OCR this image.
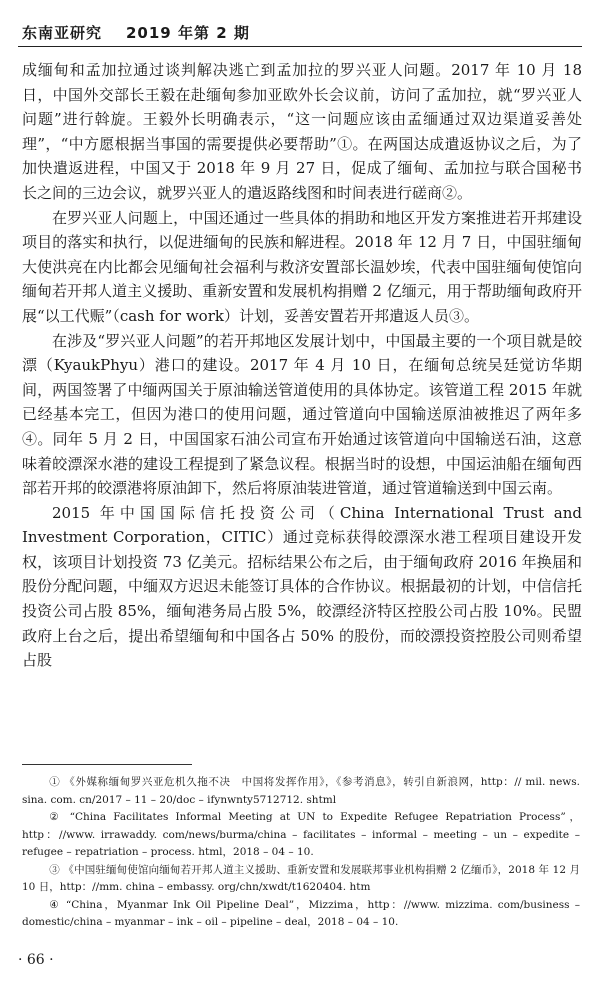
东南亚研究 2019 年第 2 期

成缅甸和孟加拉通过谈判解决逃亡到孟加拉的罗兴亚人问题。2017 年 10 月 18 日，中国外交部长王毅在赴缅甸参加亚欧外长会议前，访问了孟加拉，就“罗兴亚人问题”进行斡旋。王毅外长明确表示，“这一问题应该由孟缅通过双边渠道妥善处理”，“中方愿根据当事国的需要提供必要帮助”①。在两国达成遣返协议之后，为了加快遣返进程，中国又于 2018 年 9 月 27 日，促成了缅甸、孟加拉与联合国秘书长之间的三边会议，就罗兴亚人的遣返路线图和时间表进行磋商②。

在罗兴亚人问题上，中国还通过一些具体的捐助和地区开发方案推进若开邦建设项目的落实和执行，以促进缅甸的民族和解进程。2018 年 12 月 7 日，中国驻缅甸大使洪亮在内比都会见缅甸社会福利与救济安置部长温妙埃，代表中国驻缅甸使馆向缅甸若开邦人道主义援助、重新安置和发展机构捐赠 2 亿缅元，用于帮助缅甸政府开展“以工代赈”（cash for work）计划，妥善安置若开邦遣返人员③。

在涉及“罗兴亚人问题”的若开邦地区发展计划中，中国最主要的一个项目就是皎漂（KyaukPhyu）港口的建设。2017 年 4 月 10 日，在缅甸总统吴廷觉访华期间，两国签署了中缅两国关于原油输送管道使用的具体协定。该管道工程 2015 年就已经基本完工，但因为港口的使用问题，通过管道向中国输送原油被推迟了两年多④。同年 5 月 2 日，中国国家石油公司宣布开始通过该管道向中国输送石油，这意味着皎漂深水港的建设工程提到了紧急议程。根据当时的设想，中国运油船在缅甸西部若开邦的皎漂港将原油卸下，然后将原油装进管道，通过管道输送到中国云南。

2015 年中国国际信托投资公司（China International Trust and Investment Corporation，CITIC）通过竞标获得皎漂深水港工程项目建设开发权，该项目计划投资 73 亿美元。招标结果公布之后，由于缅甸政府 2016 年换届和股份分配问题，中缅双方迟迟未能签订具体的合作协议。根据最初的计划，中信信托投资公司占股 85%，缅甸港务局占股 5%，皎漂经济特区控股公司占股 10%。民盟政府上台之后，提出希望缅甸和中国各占 50% 的股份，而皎漂投资控股公司则希望占股

① 《外媒称缅甸罗兴亚危机久拖不决　中国将发挥作用》，《参考消息》，转引自新浪网，http：// mil. news. sina. com. cn/2017 – 11 – 20/doc – ifynwnty5712712. shtml

② “China Facilitates Informal Meeting at UN to Expedite Refugee Repatriation Process”，http：//www. irrawaddy. com/news/burma/china – facilitates – informal – meeting – un – expedite – refugee – repatriation – process. html，2018 – 04 – 10.

③ 《中国驻缅甸使馆向缅甸若开邦人道主义援助、重新安置和发展联邦事业机构捐赠 2 亿缅币》，2018 年 12 月 10 日，http：//mm. china – embassy. org/chn/xwdt/t1620404. htm

④ “China，Myanmar Ink Oil Pipeline Deal”，Mizzima，http：//www. mizzima. com/business – domestic/china – myanmar – ink – oil – pipeline – deal，2018 – 04 – 10.

· 66 ·
